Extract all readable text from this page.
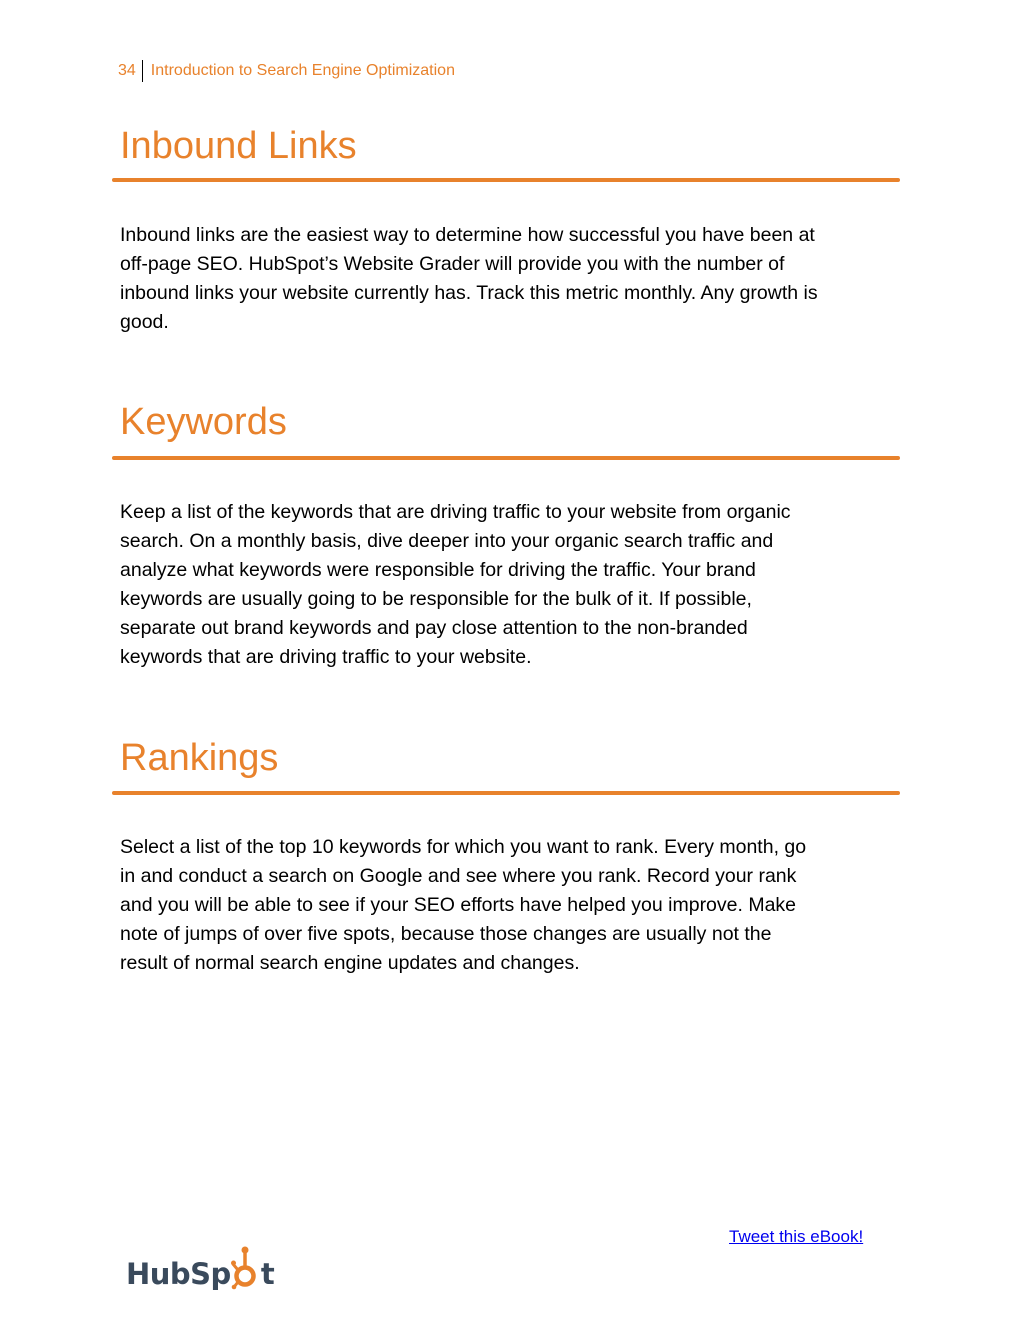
34 Introduction to Search Engine Optimization
Inbound Links
Inbound links are the easiest way to determine how successful you have been at
off-page SEO. HubSpot’s Website Grader will provide you with the number of
inbound links your website currently has. Track this metric monthly. Any growth is
good.
Keywords
Keep a list of the keywords that are driving traffic to your website from organic
search. On a monthly basis, dive deeper into your organic search traffic and
analyze what keywords were responsible for driving the traffic. Your brand
keywords are usually going to be responsible for the bulk of it. If possible,
separate out brand keywords and pay close attention to the non-branded
keywords that are driving traffic to your website.
Rankings
Select a list of the top 10 keywords for which you want to rank. Every month, go
in and conduct a search on Google and see where you rank. Record your rank
and you will be able to see if your SEO efforts have helped you improve. Make
note of jumps of over five spots, because those changes are usually not the
result of normal search engine updates and changes.
Tweet this eBook!
HubSp t
